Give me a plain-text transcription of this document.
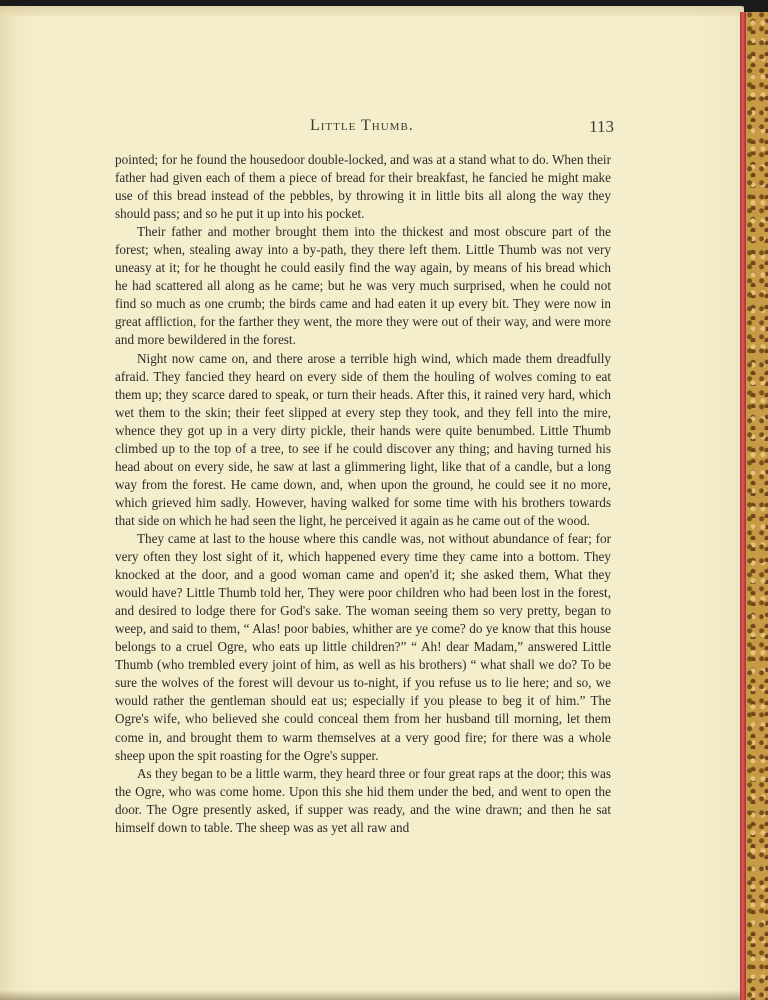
Little Thumb.	113

pointed; for he found the housedoor double-locked, and was at a stand what to do. When their father had given each of them a piece of bread for their breakfast, he fancied he might make use of this bread instead of the pebbles, by throwing it in little bits all along the way they should pass; and so he put it up into his pocket.

Their father and mother brought them into the thickest and most obscure part of the forest; when, stealing away into a by-path, they there left them. Little Thumb was not very uneasy at it; for he thought he could easily find the way again, by means of his bread which he had scattered all along as he came; but he was very much surprised, when he could not find so much as one crumb; the birds came and had eaten it up every bit. They were now in great affliction, for the farther they went, the more they were out of their way, and were more and more bewildered in the forest.

Night now came on, and there arose a terrible high wind, which made them dreadfully afraid. They fancied they heard on every side of them the houling of wolves coming to eat them up; they scarce dared to speak, or turn their heads. After this, it rained very hard, which wet them to the skin; their feet slipped at every step they took, and they fell into the mire, whence they got up in a very dirty pickle, their hands were quite benumbed. Little Thumb climbed up to the top of a tree, to see if he could discover any thing; and having turned his head about on every side, he saw at last a glimmering light, like that of a candle, but a long way from the forest. He came down, and, when upon the ground, he could see it no more, which grieved him sadly. However, having walked for some time with his brothers towards that side on which he had seen the light, he perceived it again as he came out of the wood.

They came at last to the house where this candle was, not without abundance of fear; for very often they lost sight of it, which happened every time they came into a bottom. They knocked at the door, and a good woman came and open'd it; she asked them, What they would have? Little Thumb told her, They were poor children who had been lost in the forest, and desired to lodge there for God's sake. The woman seeing them so very pretty, began to weep, and said to them, “ Alas! poor babies, whither are ye come? do ye know that this house belongs to a cruel Ogre, who eats up little children?” “ Ah! dear Madam,” answered Little Thumb (who trembled every joint of him, as well as his brothers) “ what shall we do? To be sure the wolves of the forest will devour us to-night, if you refuse us to lie here; and so, we would rather the gentleman should eat us; especially if you please to beg it of him.” The Ogre's wife, who believed she could conceal them from her husband till morning, let them come in, and brought them to warm themselves at a very good fire; for there was a whole sheep upon the spit roasting for the Ogre's supper.

As they began to be a little warm, they heard three or four great raps at the door; this was the Ogre, who was come home. Upon this she hid them under the bed, and went to open the door. The Ogre presently asked, if supper was ready, and the wine drawn; and then he sat himself down to table. The sheep was as yet all raw and
